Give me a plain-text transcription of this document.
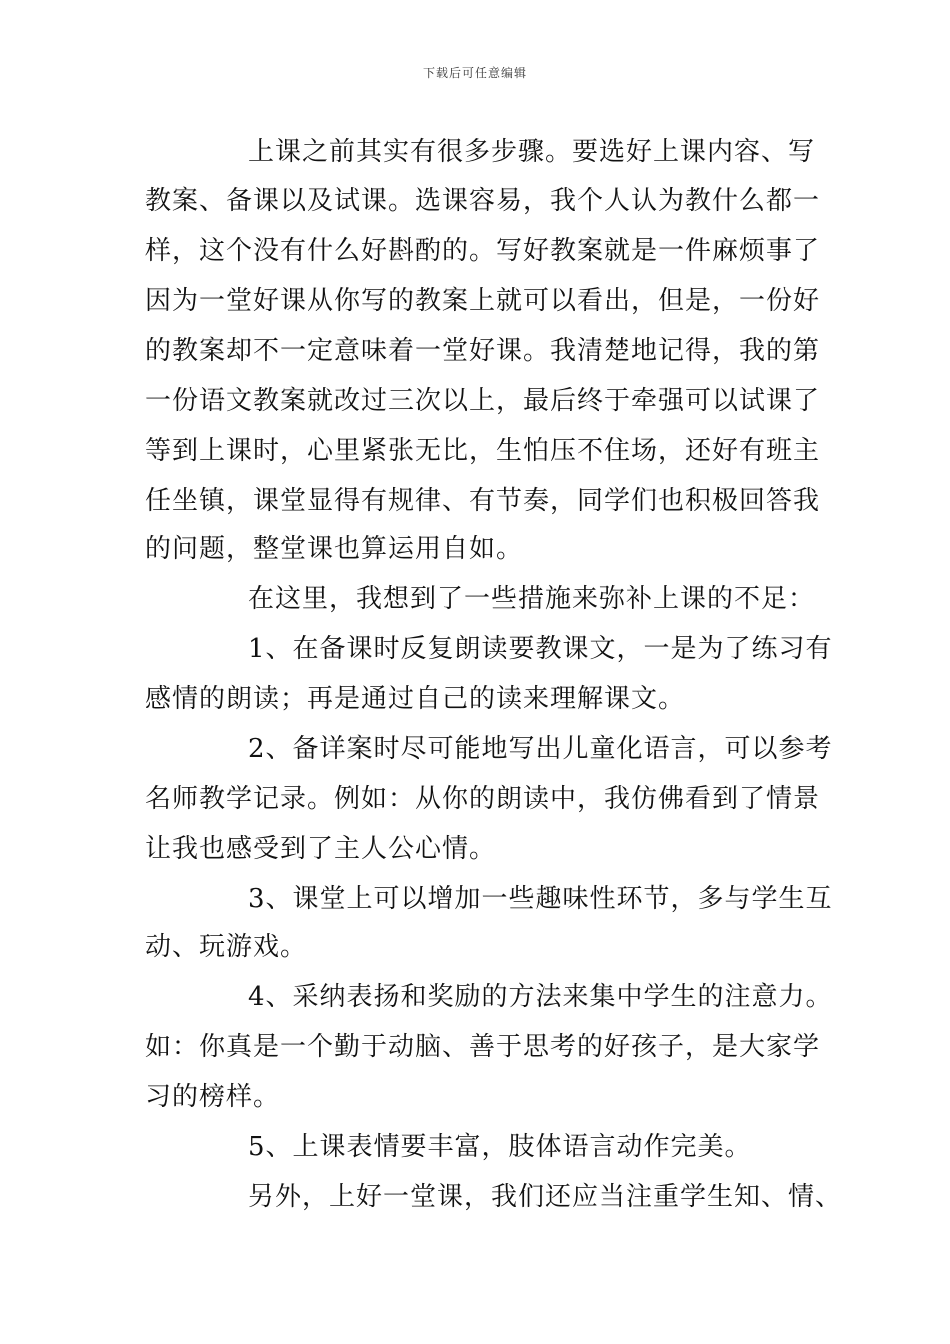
下载后可任意编辑
上课之前其实有很多步骤。要选好上课内容、写
教案、备课以及试课。选课容易，我个人认为教什么都一
样，这个没有什么好斟酌的。写好教案就是一件麻烦事了
因为一堂好课从你写的教案上就可以看出，但是，一份好
的教案却不一定意味着一堂好课。我清楚地记得，我的第
一份语文教案就改过三次以上，最后终于牵强可以试课了
等到上课时，心里紧张无比，生怕压不住场，还好有班主
任坐镇，课堂显得有规律、有节奏，同学们也积极回答我
的问题，整堂课也算运用自如。
在这里，我想到了一些措施来弥补上课的不足：
1、在备课时反复朗读要教课文，一是为了练习有
感情的朗读；再是通过自己的读来理解课文。
2、备详案时尽可能地写出儿童化语言，可以参考
名师教学记录。例如：从你的朗读中，我仿佛看到了情景
让我也感受到了主人公心情。
3、课堂上可以增加一些趣味性环节，多与学生互
动、玩游戏。
4、采纳表扬和奖励的方法来集中学生的注意力。
如：你真是一个勤于动脑、善于思考的好孩子，是大家学
习的榜样。
5、上课表情要丰富，肢体语言动作完美。
另外，上好一堂课，我们还应当注重学生知、情、
